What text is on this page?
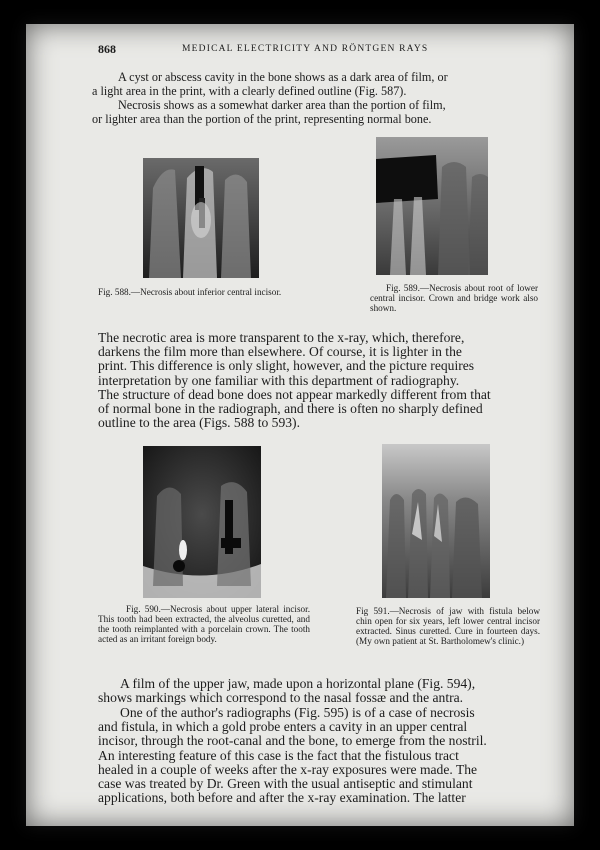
868	MEDICAL ELECTRICITY AND RÖNTGEN RAYS
A cyst or abscess cavity in the bone shows as a dark area of film, or
a light area in the print, with a clearly defined outline (Fig. 587).
Necrosis shows as a somewhat darker area than the portion of film,
or lighter area than the portion of the print, representing normal bone.

Fig. 588.—Necrosis about inferior central incisor.	Fig. 589.—Necrosis about root of lower central incisor. Crown and bridge work also shown.

The necrotic area is more transparent to the x-ray, which, therefore,
darkens the film more than elsewhere. Of course, it is lighter in the
print. This difference is only slight, however, and the picture requires
interpretation by one familiar with this department of radiography.
The structure of dead bone does not appear markedly different from that
of normal bone in the radiograph, and there is often no sharply defined
outline to the area (Figs. 588 to 593).

Fig. 590.—Necrosis about upper lateral incisor. This tooth had been extracted, the alveolus curetted, and the tooth reimplanted with a porcelain crown. The tooth acted as an irritant foreign body.

Fig 591.—Necrosis of jaw with fistula below chin open for six years, left lower central incisor extracted. Sinus curetted. Cure in fourteen days. (My own patient at St. Bartholomew's clinic.)

A film of the upper jaw, made upon a horizontal plane (Fig. 594),
shows markings which correspond to the nasal fossæ and the antra.
One of the author's radiographs (Fig. 595) is of a case of necrosis
and fistula, in which a gold probe enters a cavity in an upper central
incisor, through the root-canal and the bone, to emerge from the nostril.
An interesting feature of this case is the fact that the fistulous tract
healed in a couple of weeks after the x-ray exposures were made. The
case was treated by Dr. Green with the usual antiseptic and stimulant
applications, both before and after the x-ray examination. The latter
